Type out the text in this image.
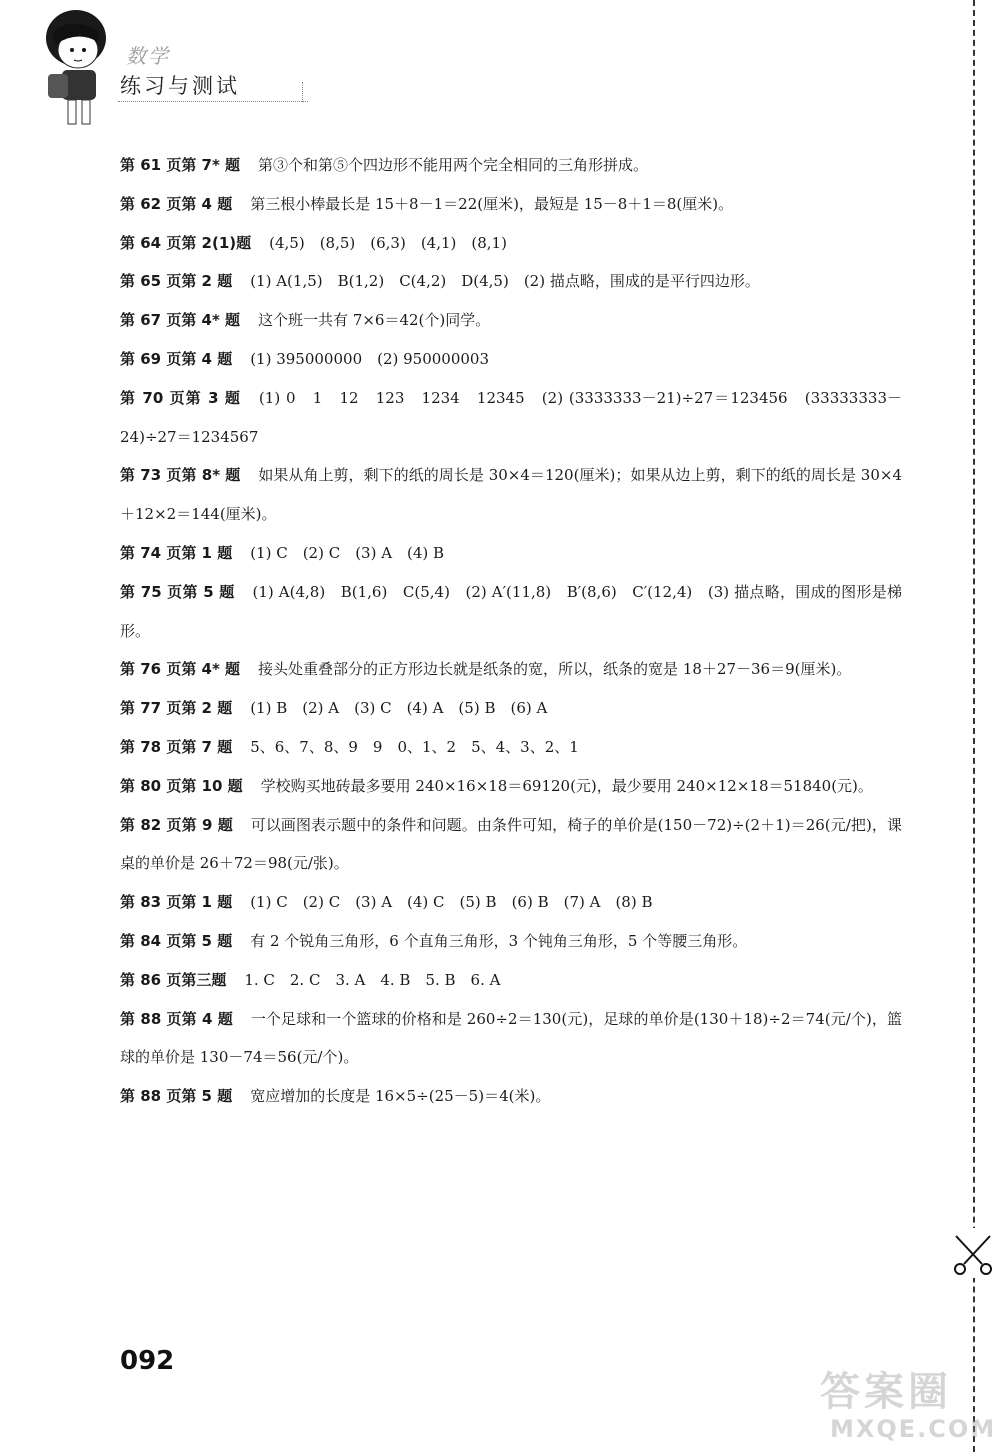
数学
练习与测试
第 61 页第 7* 题 第③个和第⑤个四边形不能用两个完全相同的三角形拼成。
第 62 页第 4 题 第三根小棒最长是 15＋8－1＝22(厘米)，最短是 15－8＋1＝8(厘米)。
第 64 页第 2(1)题 (4,5)　(8,5)　(6,3)　(4,1)　(8,1)
第 65 页第 2 题 (1) A(1,5)　B(1,2)　C(4,2)　D(4,5)　(2) 描点略，围成的是平行四边形。
第 67 页第 4* 题 这个班一共有 7×6＝42(个)同学。
第 69 页第 4 题 (1) 395000000　(2) 950000003
第 70 页第 3 题 (1) 0　1　12　123　1234　12345　(2) (3333333－21)÷27＝123456　(33333333－24)÷27＝1234567
第 73 页第 8* 题 如果从角上剪，剩下的纸的周长是 30×4＝120(厘米)；如果从边上剪，剩下的纸的周长是 30×4＋12×2＝144(厘米)。
第 74 页第 1 题 (1) C　(2) C　(3) A　(4) B
第 75 页第 5 题 (1) A(4,8)　B(1,6)　C(5,4)　(2) A′(11,8)　B′(8,6)　C′(12,4)　(3) 描点略，围成的图形是梯形。
第 76 页第 4* 题 接头处重叠部分的正方形边长就是纸条的宽，所以，纸条的宽是 18＋27－36＝9(厘米)。
第 77 页第 2 题 (1) B　(2) A　(3) C　(4) A　(5) B　(6) A
第 78 页第 7 题 5、6、7、8、9　9　0、1、2　5、4、3、2、1
第 80 页第 10 题 学校购买地砖最多要用 240×16×18＝69120(元)，最少要用 240×12×18＝51840(元)。
第 82 页第 9 题 可以画图表示题中的条件和问题。由条件可知，椅子的单价是(150－72)÷(2＋1)＝26(元/把)，课桌的单价是 26＋72＝98(元/张)。
第 83 页第 1 题 (1) C　(2) C　(3) A　(4) C　(5) B　(6) B　(7) A　(8) B
第 84 页第 5 题 有 2 个锐角三角形，6 个直角三角形，3 个钝角三角形，5 个等腰三角形。
第 86 页第三题 1. C　2. C　3. A　4. B　5. B　6. A
第 88 页第 4 题 一个足球和一个篮球的价格和是 260÷2＝130(元)，足球的单价是(130＋18)÷2＝74(元/个)，篮球的单价是 130－74＝56(元/个)。
第 88 页第 5 题 宽应增加的长度是 16×5÷(25－5)＝4(米)。
092
答案圈
MXQE.COM
